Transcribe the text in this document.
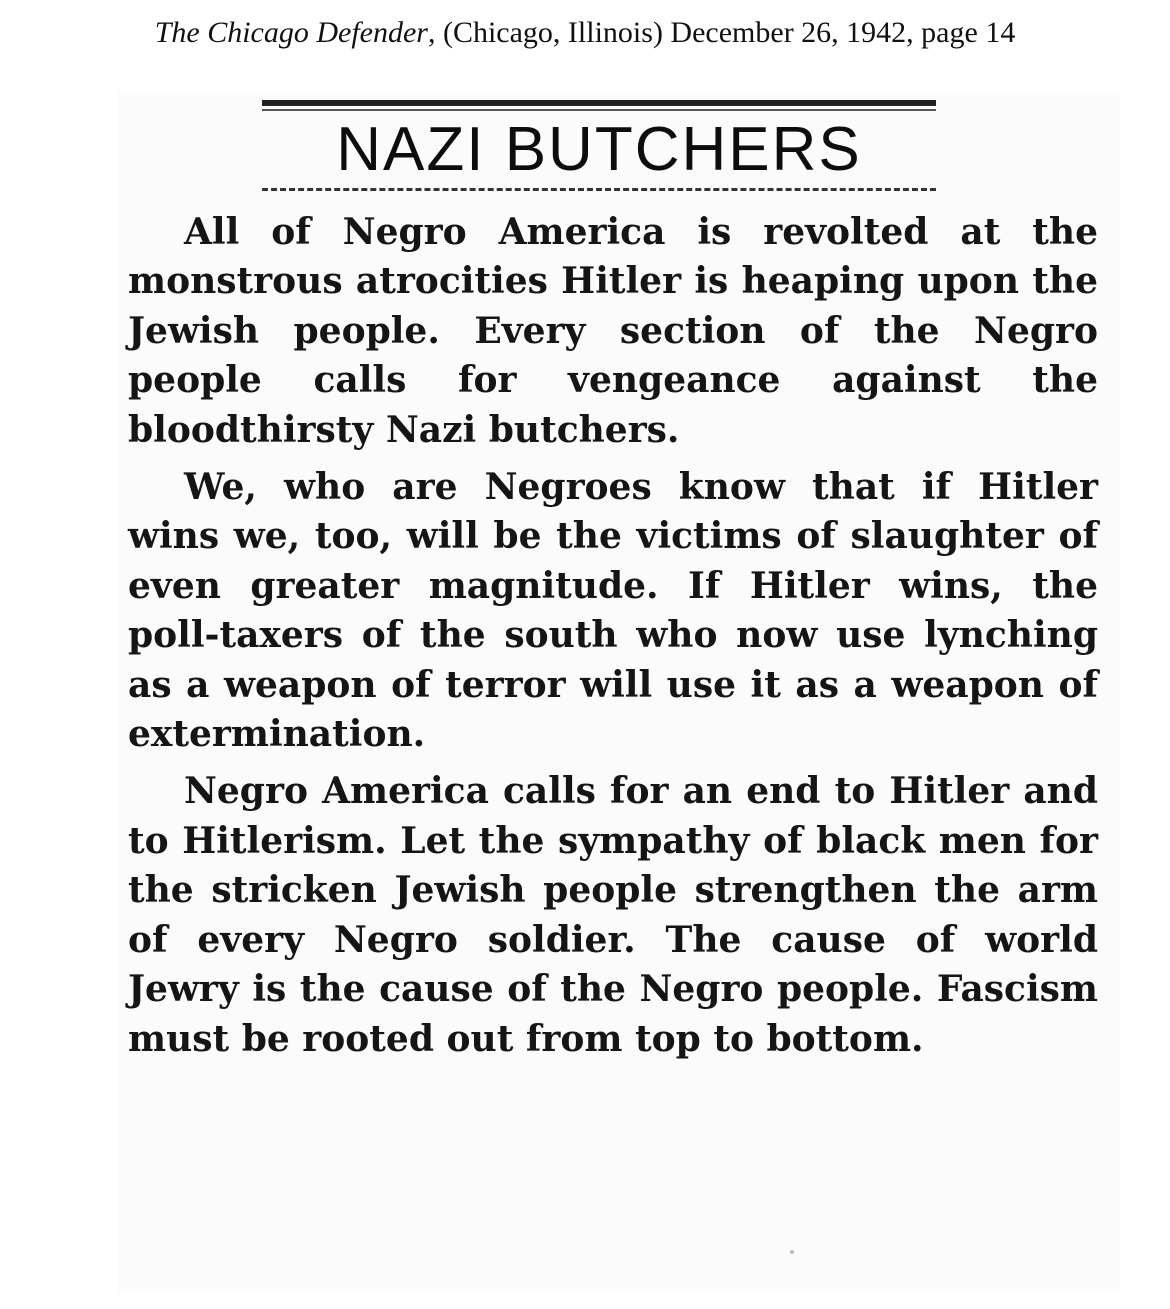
The Chicago Defender, (Chicago, Illinois) December 26, 1942, page 14
NAZI BUTCHERS

All of Negro America is revolted at the monstrous atrocities Hitler is heaping upon the Jewish people. Every section of the Negro people calls for vengeance against the bloodthirsty Nazi butchers.

We, who are Negroes know that if Hitler wins we, too, will be the victims of slaughter of even greater magnitude. If Hitler wins, the poll-taxers of the south who now use lynching as a weapon of terror will use it as a weapon of extermination.

Negro America calls for an end to Hitler and to Hitlerism. Let the sympathy of black men for the stricken Jewish people strengthen the arm of every Negro soldier. The cause of world Jewry is the cause of the Negro people. Fascism must be rooted out from top to bottom.
